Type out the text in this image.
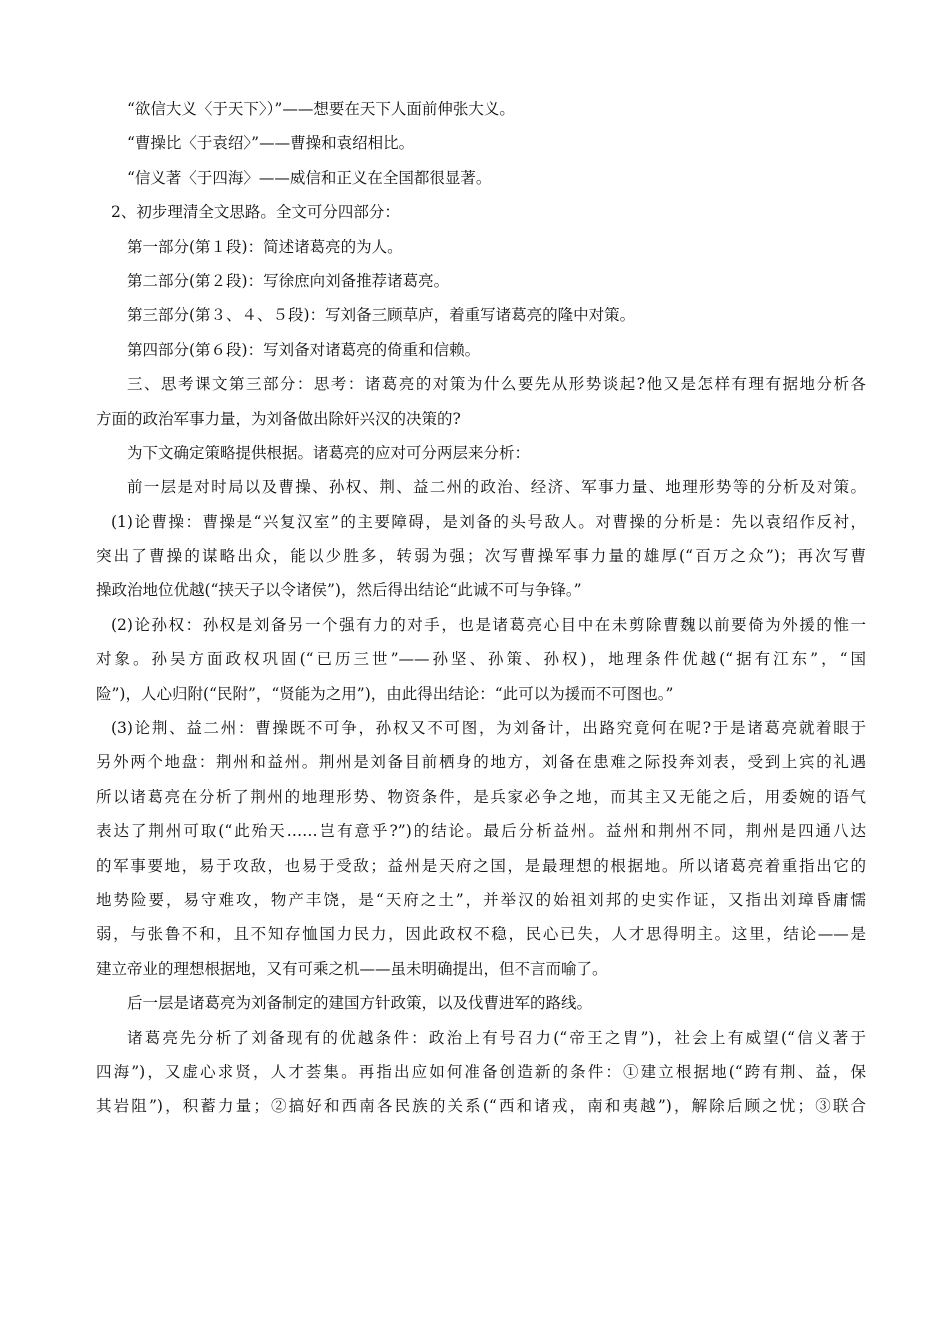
“欲信大义〈于天下〉）”——想要在天下人面前伸张大义。

“曹操比〈于袁绍〉”——曹操和袁绍相比。

“信义著〈于四海〉——威信和正义在全国都很显著。

2、初步理清全文思路。全文可分四部分：

第一部分(第１段)：简述诸葛亮的为人。

第二部分(第２段)：写徐庶向刘备推荐诸葛亮。

第三部分(第３、４、５段)：写刘备三顾草庐，着重写诸葛亮的隆中对策。

第四部分(第６段)：写刘备对诸葛亮的倚重和信赖。

三、思考课文第三部分：思考：诸葛亮的对策为什么要先从形势谈起?他又是怎样有理有据地分析各

方面的政治军事力量，为刘备做出除奸兴汉的决策的?

为下文确定策略提供根据。诸葛亮的应对可分两层来分析：

前一层是对时局以及曹操、孙权、荆、益二州的政治、经济、军事力量、地理形势等的分析及对策。

(1)论曹操：曹操是“兴复汉室”的主要障碍，是刘备的头号敌人。对曹操的分析是：先以袁绍作反衬，

突出了曹操的谋略出众，能以少胜多，转弱为强；次写曹操军事力量的雄厚(“百万之众”)；再次写曹

操政治地位优越(“挟天子以令诸侯”)，然后得出结论“此诚不可与争锋。”

(2)论孙权：孙权是刘备另一个强有力的对手，也是诸葛亮心目中在未剪除曹魏以前要倚为外援的惟一

对象。孙吴方面政权巩固(“已历三世”——孙坚、孙策、孙权)，地理条件优越(“据有江东”，“国

险”)，人心归附(“民附”，“贤能为之用”)，由此得出结论：“此可以为援而不可图也。”

(3)论荆、益二州：曹操既不可争，孙权又不可图，为刘备计，出路究竟何在呢?于是诸葛亮就着眼于

另外两个地盘：荆州和益州。荆州是刘备目前栖身的地方，刘备在患难之际投奔刘表，受到上宾的礼遇

所以诸葛亮在分析了荆州的地理形势、物资条件，是兵家必争之地，而其主又无能之后，用委婉的语气

表达了荆州可取(“此殆天……岂有意乎?”)的结论。最后分析益州。益州和荆州不同，荆州是四通八达

的军事要地，易于攻敌，也易于受敌；益州是天府之国，是最理想的根据地。所以诸葛亮着重指出它的

地势险要，易守难攻，物产丰饶，是“天府之土”，并举汉的始祖刘邦的史实作证，又指出刘璋昏庸懦

弱，与张鲁不和，且不知存恤国力民力，因此政权不稳，民心已失，人才思得明主。这里，结论——是

建立帝业的理想根据地，又有可乘之机——虽未明确提出，但不言而喻了。

后一层是诸葛亮为刘备制定的建国方针政策，以及伐曹进军的路线。

诸葛亮先分析了刘备现有的优越条件：政治上有号召力(“帝王之胄”)，社会上有威望(“信义著于

四海”)，又虚心求贤，人才荟集。再指出应如何准备创造新的条件：①建立根据地(“跨有荆、益，保

其岩阻”)，积蓄力量；②搞好和西南各民族的关系(“西和诸戎，南和夷越”)，解除后顾之忧；③联合
